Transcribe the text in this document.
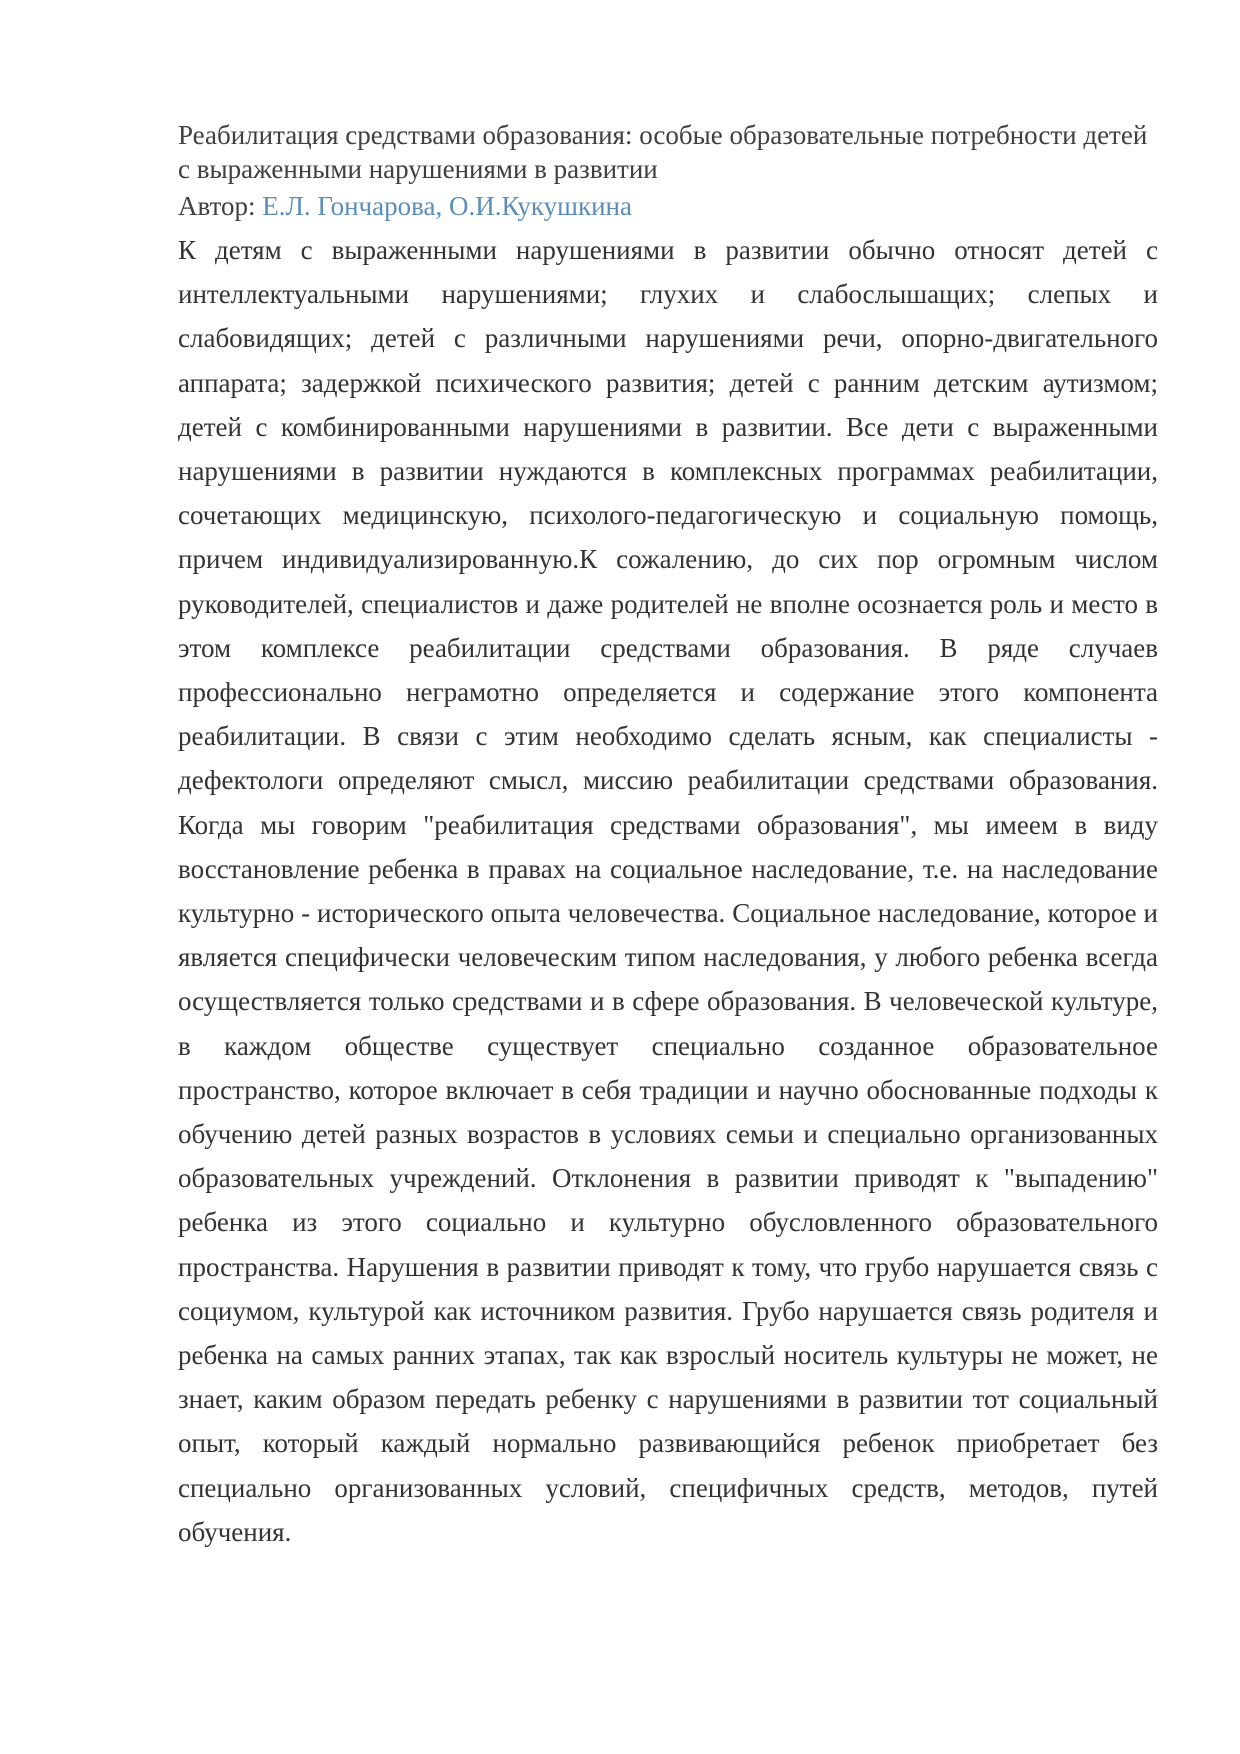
Реабилитация средствами образования: особые образовательные потребности детей с выраженными нарушениями в развитии

Автор: Е.Л. Гончарова, О.И.Кукушкина

К детям с выраженными нарушениями в развитии обычно относят детей с интеллектуальными нарушениями; глухих и слабослышащих; слепых и слабовидящих; детей с различными нарушениями речи, опорно-двигательного аппарата; задержкой психического развития; детей с ранним детским аутизмом; детей с комбинированными нарушениями в развитии. Все дети с выраженными нарушениями в развитии нуждаются в комплексных программах реабилитации, сочетающих медицинскую, психолого-педагогическую и социальную помощь, причем индивидуализированную.К сожалению, до сих пор огромным числом руководителей, специалистов и даже родителей не вполне осознается роль и место в этом комплексе реабилитации средствами образования. В ряде случаев профессионально неграмотно определяется и содержание этого компонента реабилитации. В связи с этим необходимо сделать ясным, как специалисты - дефектологи определяют смысл, миссию реабилитации средствами образования. Когда мы говорим "реабилитация средствами образования", мы имеем в виду восстановление ребенка в правах на социальное наследование, т.е. на наследование культурно - исторического опыта человечества. Социальное наследование, которое и является специфически человеческим типом наследования, у любого ребенка всегда осуществляется только средствами и в сфере образования. В человеческой культуре, в каждом обществе существует специально созданное образовательное пространство, которое включает в себя традиции и научно обоснованные подходы к обучению детей разных возрастов в условиях семьи и специально организованных образовательных учреждений. Отклонения в развитии приводят к "выпадению" ребенка из этого социально и культурно обусловленного образовательного пространства. Нарушения в развитии приводят к тому, что грубо нарушается связь с социумом, культурой как источником развития. Грубо нарушается связь родителя и ребенка на самых ранних этапах, так как взрослый носитель культуры не может, не знает, каким образом передать ребенку с нарушениями в развитии тот социальный опыт, который каждый нормально развивающийся ребенок приобретает без специально организованных условий, специфичных средств, методов, путей обучения.
